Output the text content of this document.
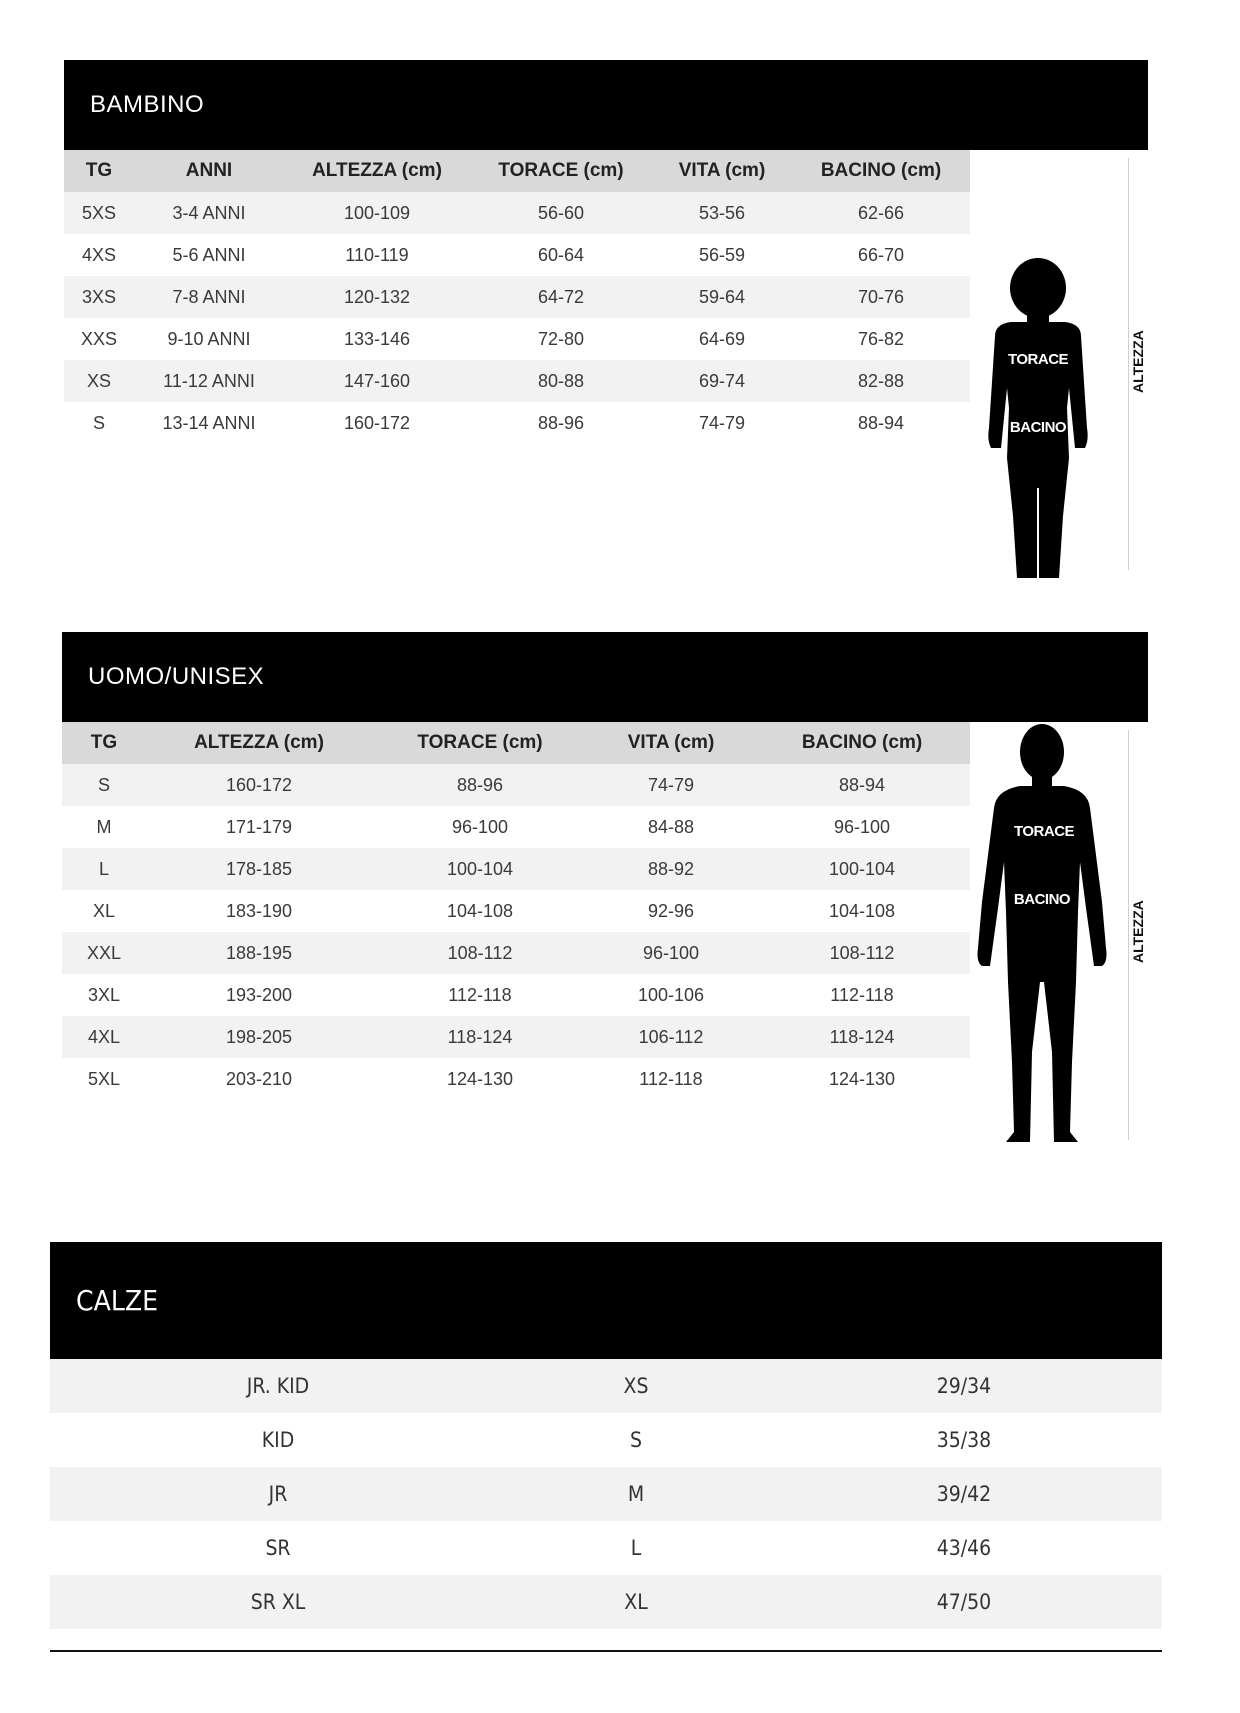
BAMBINO
TG	ANNI	ALTEZZA (cm)	TORACE (cm)	VITA (cm)	BACINO (cm)
5XS	3-4 ANNI	100-109	56-60	53-56	62-66
4XS	5-6 ANNI	110-119	60-64	56-59	66-70
3XS	7-8 ANNI	120-132	64-72	59-64	70-76
XXS	9-10 ANNI	133-146	72-80	64-69	76-82
XS	11-12 ANNI	147-160	80-88	69-74	82-88
S	13-14 ANNI	160-172	88-96	74-79	88-94
TORACE
BACINO
ALTEZZA
UOMO/UNISEX
TG	ALTEZZA (cm)	TORACE (cm)	VITA (cm)	BACINO (cm)
S	160-172	88-96	74-79	88-94
M	171-179	96-100	84-88	96-100
L	178-185	100-104	88-92	100-104
XL	183-190	104-108	92-96	104-108
XXL	188-195	108-112	96-100	108-112
3XL	193-200	112-118	100-106	112-118
4XL	198-205	118-124	106-112	118-124
5XL	203-210	124-130	112-118	124-130
TORACE
BACINO
ALTEZZA
CALZE
JR. KID	XS	29/34
KID	S	35/38
JR	M	39/42
SR	L	43/46
SR XL	XL	47/50
